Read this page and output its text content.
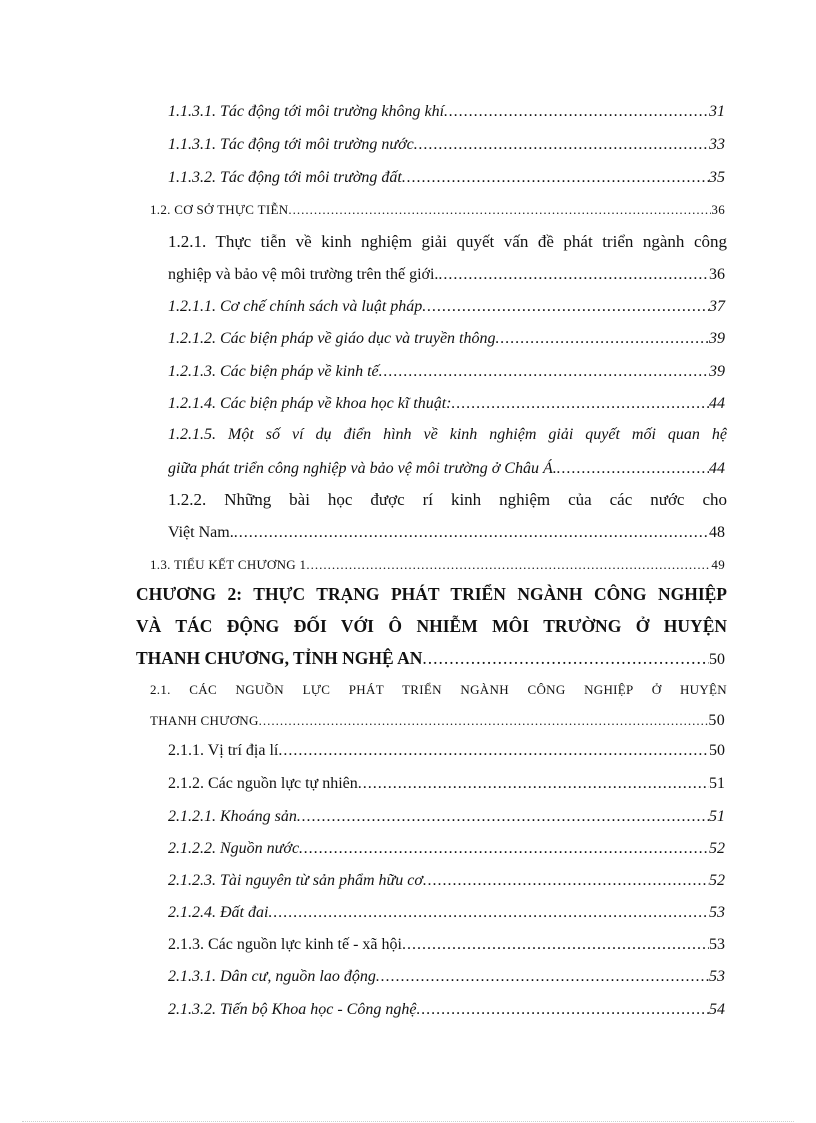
1.1.3.1. Tác động tới môi trường không khí .....	31
1.1.3.1. Tác động tới môi trường nước .....	33
1.1.3.2. Tác động tới môi trường đất .....	35
1.2. CƠ SỞ THỰC TIỄN .....	36
1.2.1. Thực tiễn về kinh nghiệm giải quyết vấn đề phát triển ngành công
nghiệp và bảo vệ môi trường trên thế giới. .....	36
1.2.1.1. Cơ chế chính sách và luật pháp .....	37
1.2.1.2. Các biện pháp về giáo dục và truyền thông .....	39
1.2.1.3. Các biện pháp về kinh tế .....	39
1.2.1.4. Các biện pháp về khoa học kĩ thuật: .....	44
1.2.1.5. Một số ví dụ điển hình về kinh nghiệm giải quyết mối quan hệ
giữa phát triển công nghiệp và bảo vệ môi trường ở Châu Á. .....	44
1.2.2. Những bài học được rí kinh nghiệm của các nước cho
Việt Nam. .....	48
1.3. TIỂU KẾT CHƯƠNG 1 .....	49
CHƯƠNG 2: THỰC TRẠNG PHÁT TRIỂN NGÀNH CÔNG NGHIỆP
VÀ TÁC ĐỘNG ĐỐI VỚI Ô NHIỄM MÔI TRƯỜNG Ở HUYỆN
THANH CHƯƠNG, TỈNH NGHỆ AN .....	50
2.1. CÁC NGUỒN LỰC PHÁT TRIỂN NGÀNH CÔNG NGHIỆP Ở HUYỆN
THANH CHƯƠNG .....	50
2.1.1. Vị trí địa lí .....	50
2.1.2. Các nguồn lực tự nhiên .....	51
2.1.2.1. Khoáng sản .....	51
2.1.2.2. Nguồn nước .....	52
2.1.2.3. Tài nguyên từ sản phẩm hữu cơ .....	52
2.1.2.4. Đất đai .....	53
2.1.3. Các nguồn lực kinh tế - xã hội .....	53
2.1.3.1. Dân cư, nguồn lao động .....	53
2.1.3.2. Tiến bộ Khoa học - Công nghệ .....	54
